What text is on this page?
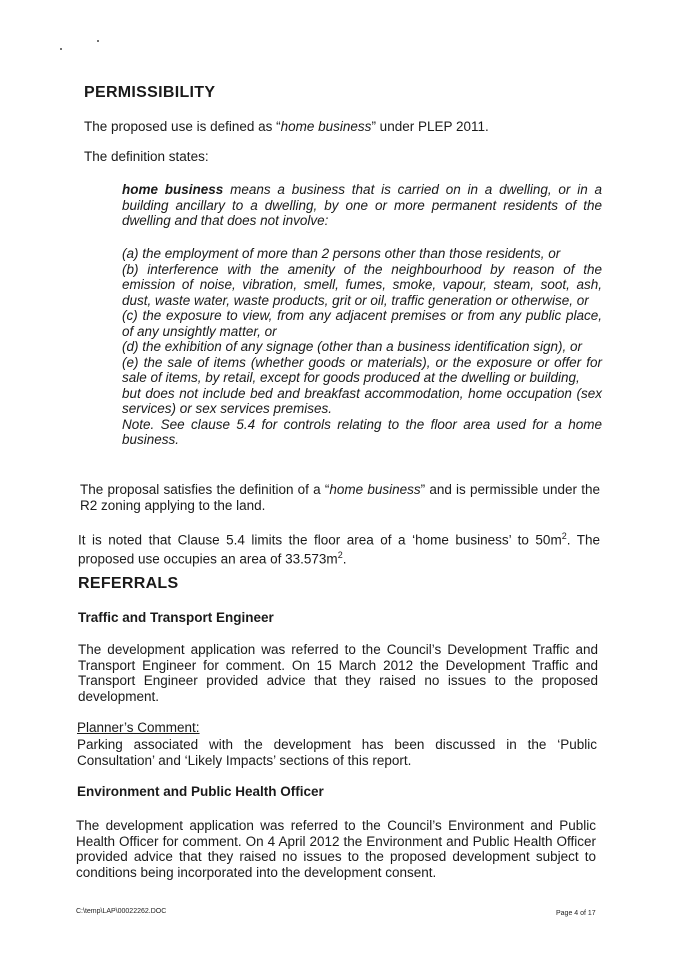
PERMISSIBILITY
The proposed use is defined as “home business” under PLEP 2011.
The definition states:
home business means a business that is carried on in a dwelling, or in a building ancillary to a dwelling, by one or more permanent residents of the dwelling and that does not involve:
(a) the employment of more than 2 persons other than those residents, or
(b) interference with the amenity of the neighbourhood by reason of the emission of noise, vibration, smell, fumes, smoke, vapour, steam, soot, ash, dust, waste water, waste products, grit or oil, traffic generation or otherwise, or
(c) the exposure to view, from any adjacent premises or from any public place, of any unsightly matter, or
(d) the exhibition of any signage (other than a business identification sign), or
(e) the sale of items (whether goods or materials), or the exposure or offer for sale of items, by retail, except for goods produced at the dwelling or building,
but does not include bed and breakfast accommodation, home occupation (sex services) or sex services premises.
Note. See clause 5.4 for controls relating to the floor area used for a home business.
The proposal satisfies the definition of a “home business” and is permissible under the R2 zoning applying to the land.
It is noted that Clause 5.4 limits the floor area of a ‘home business’ to $50m^2$. The proposed use occupies an area of $33.573m^2$.
REFERRALS
Traffic and Transport Engineer
The development application was referred to the Council’s Development Traffic and Transport Engineer for comment. On 15 March 2012 the Development Traffic and Transport Engineer provided advice that they raised no issues to the proposed development.
Planner’s Comment:
Parking associated with the development has been discussed in the ‘Public Consultation’ and ‘Likely Impacts’ sections of this report.
Environment and Public Health Officer
The development application was referred to the Council’s Environment and Public Health Officer for comment. On 4 April 2012 the Environment and Public Health Officer provided advice that they raised no issues to the proposed development subject to conditions being incorporated into the development consent.
C:\temp\LAP\00022262.DOC	Page 4 of 17
